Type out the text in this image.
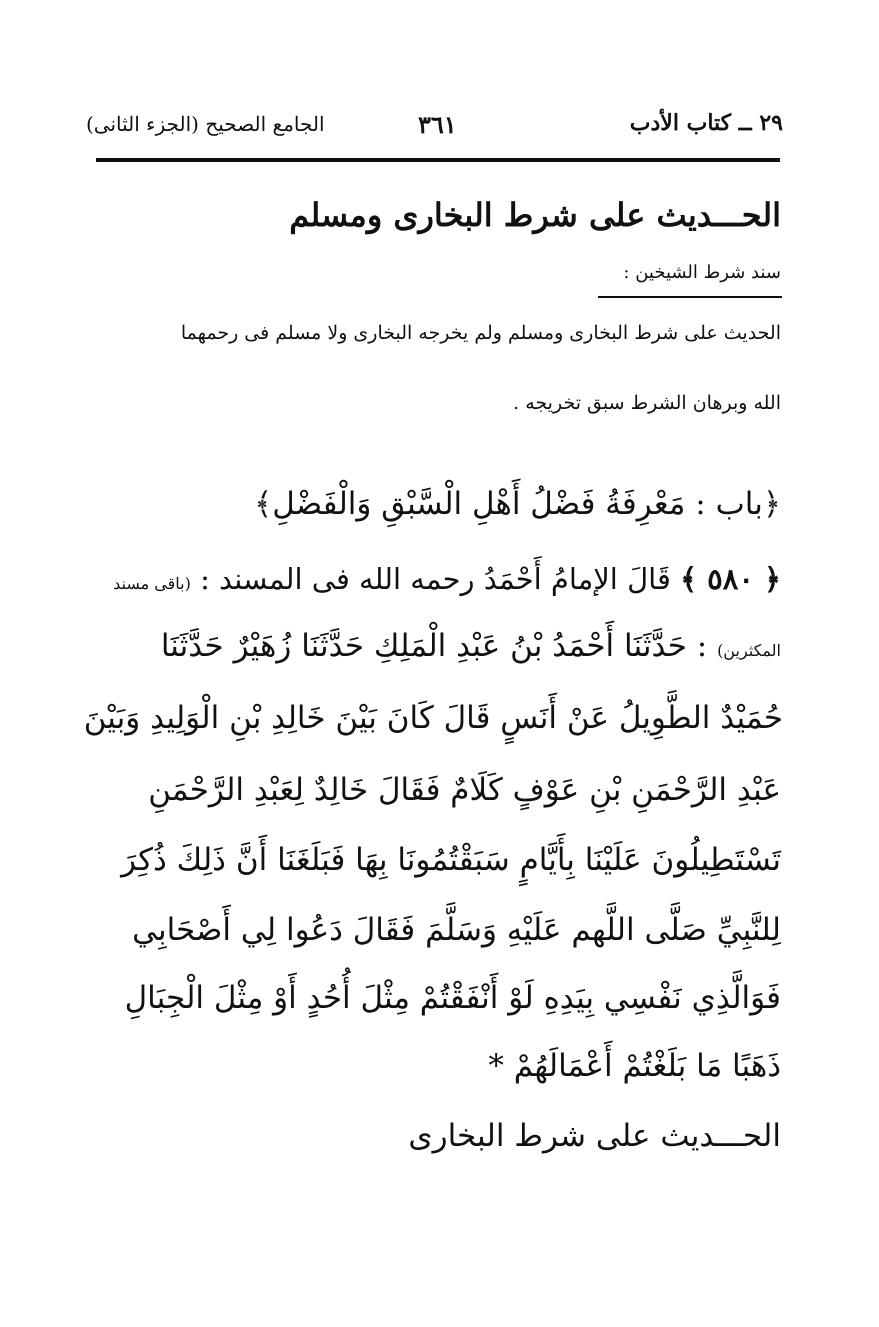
٢٩ ــ كتاب الأدب
٣٦١
الجامع الصحيح (الجزء الثانى)
الحـــديث على شرط البخارى ومسلم
سند شرط الشيخين :
الحديث على شرط البخارى ومسلم ولم يخرجه البخارى ولا مسلم فى رحمهما
الله وبرهان الشرط سبق تخريجه .
﴿باب : مَعْرِفَةُ فَضْلُ أَهْلِ الْسَّبْقِ وَالْفَضْلِ﴾
﴿ ٥٨٠ ﴾ قَالَ الإمامُ أَحْمَدُ رحمه الله فى المسند : (باقى مسند
المكثرين) : حَدَّثَنَا أَحْمَدُ بْنُ عَبْدِ الْمَلِكِ حَدَّثَنَا زُهَيْرٌ حَدَّثَنَا
حُمَيْدٌ الطَّوِيلُ عَنْ أَنَسٍ قَالَ كَانَ بَيْنَ خَالِدِ بْنِ الْوَلِيدِ وَبَيْنَ
عَبْدِ الرَّحْمَنِ بْنِ عَوْفٍ كَلَامٌ فَقَالَ خَالِدٌ لِعَبْدِ الرَّحْمَنِ
تَسْتَطِيلُونَ عَلَيْنَا بِأَيَّامٍ سَبَقْتُمُونَا بِهَا فَبَلَغَنَا أَنَّ ذَلِكَ ذُكِرَ
لِلنَّبِيِّ صَلَّى اللَّهم عَلَيْهِ وَسَلَّمَ فَقَالَ دَعُوا لِي أَصْحَابِي
فَوَالَّذِي نَفْسِي بِيَدِهِ لَوْ أَنْفَقْتُمْ مِثْلَ أُحُدٍ أَوْ مِثْلَ الْجِبَالِ
ذَهَبًا مَا بَلَغْتُمْ أَعْمَالَهُمْ *
الحـــديث على شرط البخارى
